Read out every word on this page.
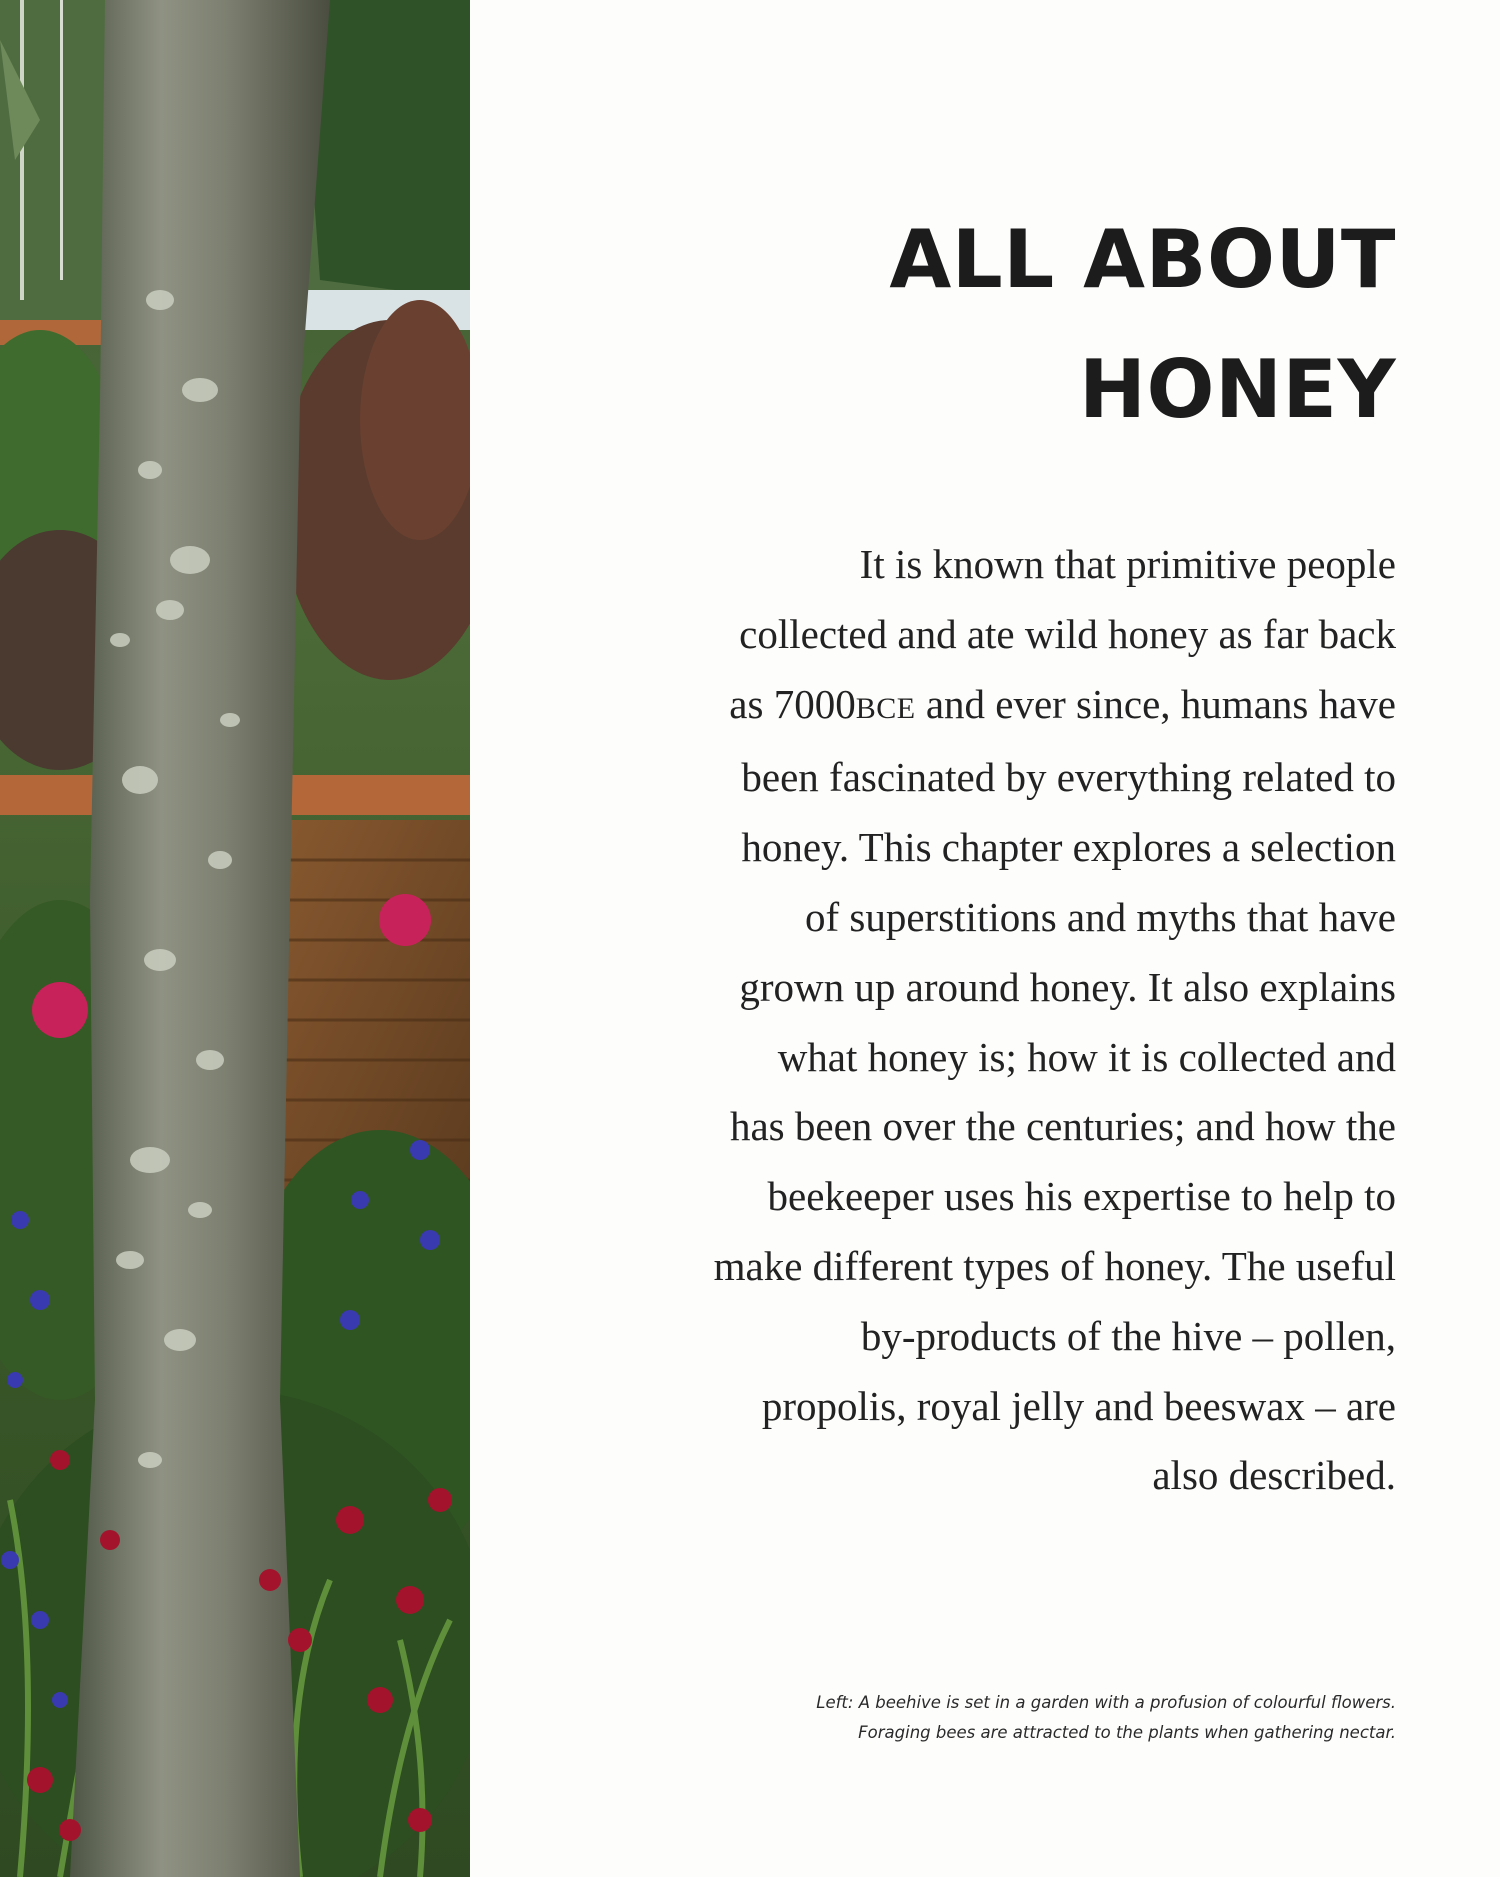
ALL ABOUT
HONEY
It is known that primitive people
collected and ate wild honey as far back
as 7000BCE and ever since, humans have
been fascinated by everything related to
honey. This chapter explores a selection
of superstitions and myths that have
grown up around honey. It also explains
what honey is; how it is collected and
has been over the centuries; and how the
beekeeper uses his expertise to help to
make different types of honey. The useful
by-products of the hive – pollen,
propolis, royal jelly and beeswax – are
also described.
Left: A beehive is set in a garden with a profusion of colourful flowers.
Foraging bees are attracted to the plants when gathering nectar.
